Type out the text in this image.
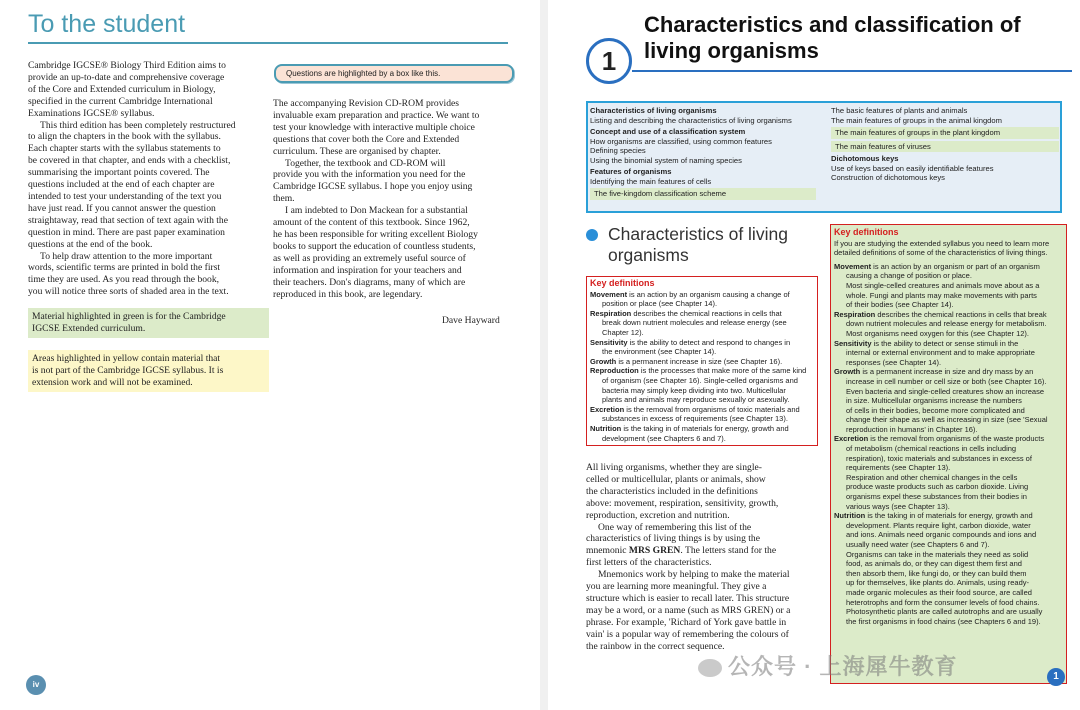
To the student
Cambridge IGCSE® Biology Third Edition aims to
provide an up-to-date and comprehensive coverage
of the Core and Extended curriculum in Biology,
specified in the current Cambridge International
Examinations IGCSE® syllabus.
This third edition has been completely restructured
to align the chapters in the book with the syllabus.
Each chapter starts with the syllabus statements to
be covered in that chapter, and ends with a checklist,
summarising the important points covered. The
questions included at the end of each chapter are
intended to test your understanding of the text you
have just read. If you cannot answer the question
straightaway, read that section of text again with the
question in mind. There are past paper examination
questions at the end of the book.
To help draw attention to the more important
words, scientific terms are printed in bold the first
time they are used. As you read through the book,
you will notice three sorts of shaded area in the text.
Material highlighted in green is for the Cambridge
IGCSE Extended curriculum.
Areas highlighted in yellow contain material that
is not part of the Cambridge IGCSE syllabus. It is
extension work and will not be examined.
Questions are highlighted by a box like this.
The accompanying Revision CD-ROM provides
invaluable exam preparation and practice. We want to
test your knowledge with interactive multiple choice
questions that cover both the Core and Extended
curriculum. These are organised by chapter.
Together, the textbook and CD-ROM will
provide you with the information you need for the
Cambridge IGCSE syllabus. I hope you enjoy using
them.
I am indebted to Don Mackean for a substantial
amount of the content of this textbook. Since 1962,
he has been responsible for writing excellent Biology
books to support the education of countless students,
as well as providing an extremely useful source of
information and inspiration for your teachers and
their teachers. Don's diagrams, many of which are
reproduced in this book, are legendary.
Dave Hayward
iv
1
Characteristics and classification of
living organisms
Characteristics of living organisms
Listing and describing the characteristics of living organisms
Concept and use of a classification system
How organisms are classified, using common features
Defining species
Using the binomial system of naming species
Features of organisms
Identifying the main features of cells
The five-kingdom classification scheme
The basic features of plants and animals
The main features of groups in the animal kingdom
The main features of groups in the plant kingdom
The main features of viruses
Dichotomous keys
Use of keys based on easily identifiable features
Construction of dichotomous keys
Characteristics of living
organisms
Key definitions
Movement is an action by an organism causing a change of
position or place (see Chapter 14).
Respiration describes the chemical reactions in cells that
break down nutrient molecules and release energy (see
Chapter 12).
Sensitivity is the ability to detect and respond to changes in
the environment (see Chapter 14).
Growth is a permanent increase in size (see Chapter 16).
Reproduction is the processes that make more of the same kind
of organism (see Chapter 16). Single-celled organisms and
bacteria may simply keep dividing into two. Multicellular
plants and animals may reproduce sexually or asexually.
Excretion is the removal from organisms of toxic materials and
substances in excess of requirements (see Chapter 13).
Nutrition is the taking in of materials for energy, growth and
development (see Chapters 6 and 7).
All living organisms, whether they are single-
celled or multicellular, plants or animals, show
the characteristics included in the definitions
above: movement, respiration, sensitivity, growth,
reproduction, excretion and nutrition.
One way of remembering this list of the
characteristics of living things is by using the
mnemonic MRS GREN. The letters stand for the
first letters of the characteristics.
Mnemonics work by helping to make the material
you are learning more meaningful. They give a
structure which is easier to recall later. This structure
may be a word, or a name (such as MRS GREN) or a
phrase. For example, 'Richard of York gave battle in
vain' is a popular way of remembering the colours of
the rainbow in the correct sequence.
Key definitions
If you are studying the extended syllabus you need to learn more
detailed definitions of some of the characteristics of living things.
Movement is an action by an organism or part of an organism
causing a change of position or place.
Most single-celled creatures and animals move about as a
whole. Fungi and plants may make movements with parts
of their bodies (see Chapter 14).
Respiration describes the chemical reactions in cells that break
down nutrient molecules and release energy for metabolism.
Most organisms need oxygen for this (see Chapter 12).
Sensitivity is the ability to detect or sense stimuli in the
internal or external environment and to make appropriate
responses (see Chapter 14).
Growth is a permanent increase in size and dry mass by an
increase in cell number or cell size or both (see Chapter 16).
Even bacteria and single-celled creatures show an increase
in size. Multicellular organisms increase the numbers
of cells in their bodies, become more complicated and
change their shape as well as increasing in size (see 'Sexual
reproduction in humans' in Chapter 16).
Excretion is the removal from organisms of the waste products
of metabolism (chemical reactions in cells including
respiration), toxic materials and substances in excess of
requirements (see Chapter 13).
Respiration and other chemical changes in the cells
produce waste products such as carbon dioxide. Living
organisms expel these substances from their bodies in
various ways (see Chapter 13).
Nutrition is the taking in of materials for energy, growth and
development. Plants require light, carbon dioxide, water
and ions. Animals need organic compounds and ions and
usually need water (see Chapters 6 and 7).
Organisms can take in the materials they need as solid
food, as animals do, or they can digest them first and
then absorb them, like fungi do, or they can build them
up for themselves, like plants do. Animals, using ready-
made organic molecules as their food source, are called
heterotrophs and form the consumer levels of food chains.
Photosynthetic plants are called autotrophs and are usually
the first organisms in food chains (see Chapters 6 and 19).
公众号 · 上海犀牛教育	1
